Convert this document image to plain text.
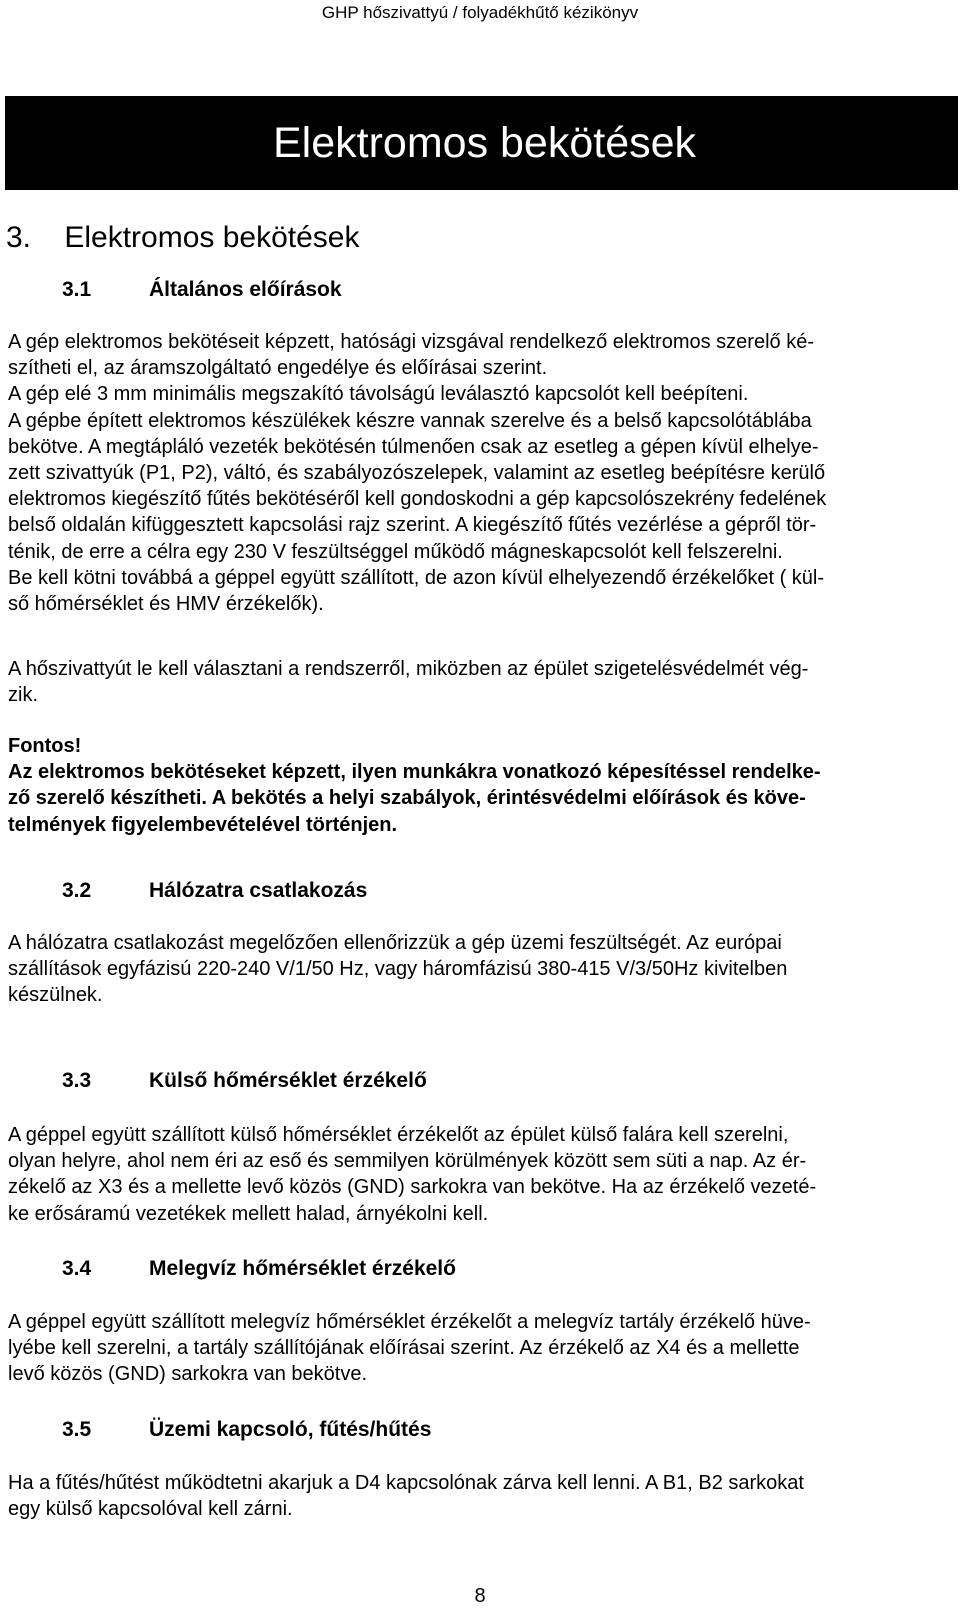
GHP hőszivattyú / folyadékhűtő kézikönyv
Elektromos bekötések
3.    Elektromos bekötések
3.1	Általános előírások

A gép elektromos bekötéseit képzett, hatósági vizsgával rendelkező elektromos szerelő ké-
szítheti el, az áramszolgáltató engedélye és előírásai szerint.
A gép elé 3 mm minimális megszakító távolságú leválasztó kapcsolót kell beépíteni.
A gépbe épített elektromos készülékek készre vannak szerelve és a belső kapcsolótáblába
bekötve. A megtápláló vezeték bekötésén túlmenően csak az esetleg a gépen kívül elhelye-
zett szivattyúk (P1, P2), váltó, és szabályozószelepek, valamint az esetleg beépítésre kerülő
elektromos kiegészítő fűtés bekötéséről kell gondoskodni a gép kapcsolószekrény fedelének
belső oldalán kifüggesztett kapcsolási rajz szerint. A kiegészítő fűtés vezérlése a gépről tör-
ténik, de erre a célra egy 230 V feszültséggel működő mágneskapcsolót kell felszerelni.
Be kell kötni továbbá a géppel együtt szállított, de azon kívül elhelyezendő érzékelőket ( kül-
ső hőmérséklet és HMV érzékelők).

A hőszivattyút le kell választani a rendszerről, miközben az épület szigetelésvédelmét vég-
zik.

Fontos!
Az elektromos bekötéseket képzett, ilyen munkákra vonatkozó képesítéssel rendelke-
ző szerelő készítheti. A bekötés a helyi szabályok, érintésvédelmi előírások és köve-
telmények figyelembevételével történjen.

3.2	Hálózatra csatlakozás

A hálózatra csatlakozást megelőzően ellenőrizzük a gép üzemi feszültségét. Az európai
szállítások egyfázisú 220-240 V/1/50 Hz, vagy háromfázisú 380-415 V/3/50Hz kivitelben
készülnek.

3.3	Külső hőmérséklet érzékelő

A géppel együtt szállított külső hőmérséklet érzékelőt az épület külső falára kell szerelni,
olyan helyre, ahol nem éri az eső és semmilyen körülmények között sem süti a nap. Az ér-
zékelő az X3 és a mellette levő közös (GND) sarkokra van bekötve. Ha az érzékelő vezeté-
ke erősáramú vezetékek mellett halad, árnyékolni kell.

3.4	Melegvíz hőmérséklet érzékelő

A géppel együtt szállított melegvíz hőmérséklet érzékelőt a melegvíz tartály érzékelő hüve-
lyébe kell szerelni, a tartály szállítójának előírásai szerint. Az érzékelő az X4 és a mellette
levő közös (GND) sarkokra van bekötve.

3.5	Üzemi kapcsoló, fűtés/hűtés

Ha a fűtés/hűtést működtetni akarjuk a D4 kapcsolónak zárva kell lenni. A B1, B2 sarkokat
egy külső kapcsolóval kell zárni.

8
